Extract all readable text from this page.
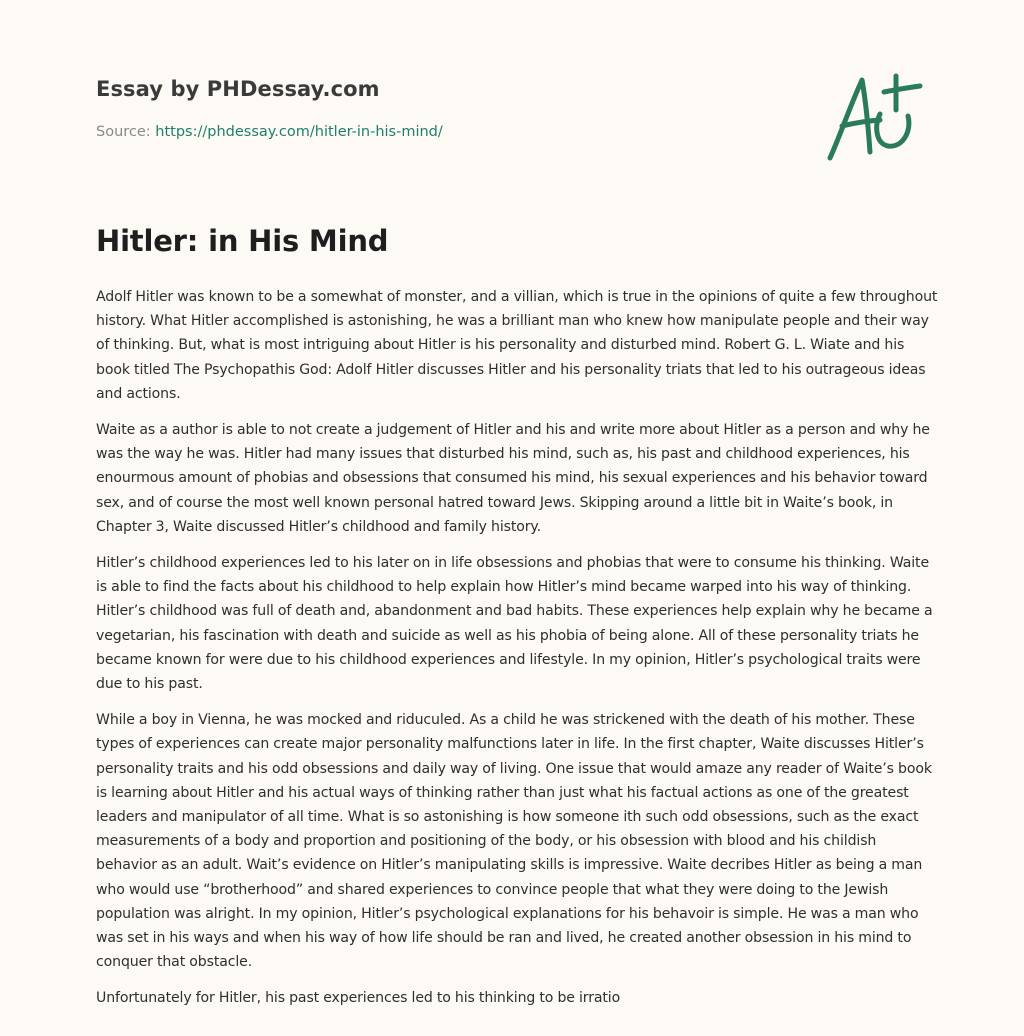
Essay by PHDessay.com
Source: https://phdessay.com/hitler-in-his-mind/
Hitler: in His Mind

Adolf Hitler was known to be a somewhat of monster, and a villian, which is true in the opinions of quite a few throughout history. What Hitler accomplished is astonishing, he was a brilliant man who knew how manipulate people and their way of thinking. But, what is most intriguing about Hitler is his personality and disturbed mind. Robert G. L. Wiate and his book titled The Psychopathis God: Adolf Hitler discusses Hitler and his personality triats that led to his outrageous ideas and actions.

Waite as a author is able to not create a judgement of Hitler and his and write more about Hitler as a person and why he was the way he was. Hitler had many issues that disturbed his mind, such as, his past and childhood experiences, his enourmous amount of phobias and obsessions that consumed his mind, his sexual experiences and his behavior toward sex, and of course the most well known personal hatred toward Jews. Skipping around a little bit in Waite’s book, in Chapter 3, Waite discussed Hitler’s childhood and family history.

Hitler’s childhood experiences led to his later on in life obsessions and phobias that were to consume his thinking. Waite is able to find the facts about his childhood to help explain how Hitler’s mind became warped into his way of thinking. Hitler’s childhood was full of death and, abandonment and bad habits. These experiences help explain why he became a vegetarian, his fascination with death and suicide as well as his phobia of being alone. All of these personality triats he became known for were due to his childhood experiences and lifestyle. In my opinion, Hitler’s psychological traits were due to his past.

While a boy in Vienna, he was mocked and riduculed. As a child he was strickened with the death of his mother. These types of experiences can create major personality malfunctions later in life. In the first chapter, Waite discusses Hitler’s personality traits and his odd obsessions and daily way of living. One issue that would amaze any reader of Waite’s book is learning about Hitler and his actual ways of thinking rather than just what his factual actions as one of the greatest leaders and manipulator of all time. What is so astonishing is how someone ith such odd obsessions, such as the exact measurements of a body and proportion and positioning of the body, or his obsession with blood and his childish behavior as an adult. Wait’s evidence on Hitler’s manipulating skills is impressive. Waite decribes Hitler as being a man who would use “brotherhood” and shared experiences to convince people that what they were doing to the Jewish population was alright. In my opinion, Hitler’s psychological explanations for his behavoir is simple. He was a man who was set in his ways and when his way of how life should be ran and lived, he created another obsession in his mind to conquer that obstacle.

Unfortunately for Hitler, his past experiences led to his thinking to be irratio
